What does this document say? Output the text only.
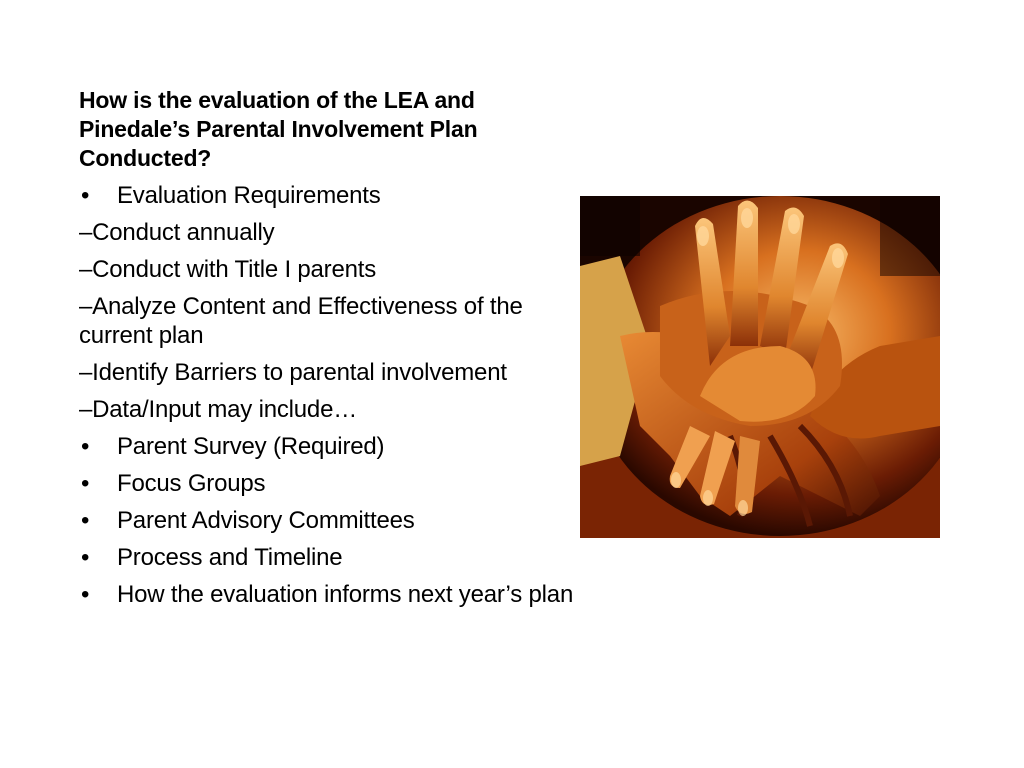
How is the evaluation of the LEA and Pinedale’s Parental Involvement Plan Conducted?
•	Evaluation Requirements
–Conduct annually
–Conduct with Title I parents
–Analyze Content and Effectiveness of the current plan
–Identify Barriers to parental involvement
–Data/Input may include…
•	Parent Survey (Required)
•	Focus Groups
•	Parent Advisory Committees
•	Process and Timeline
•	How the evaluation informs next year’s plan
